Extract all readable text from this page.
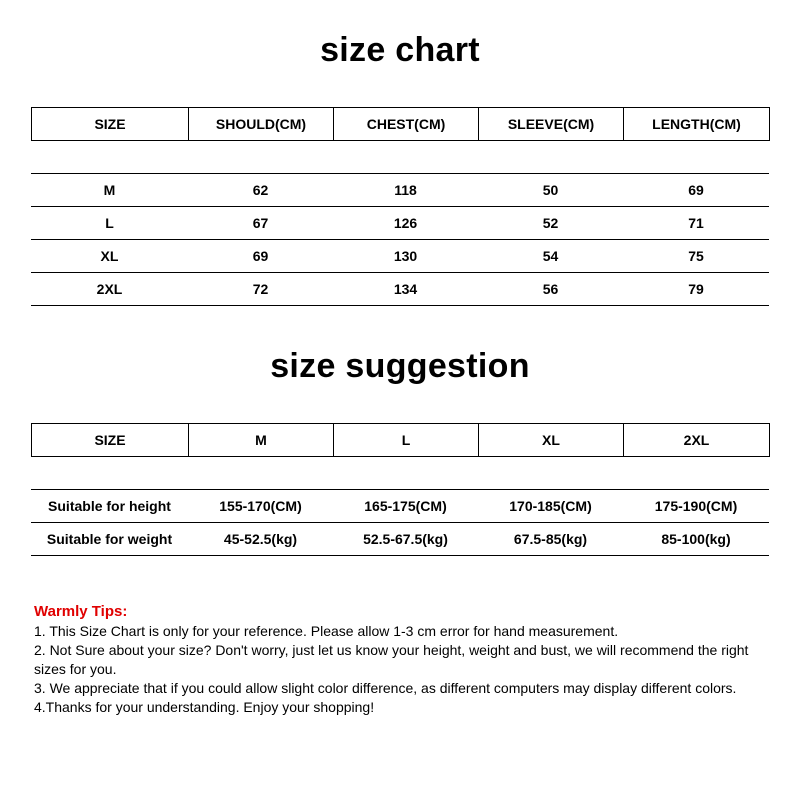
size chart
SIZE	SHOULD(CM)	CHEST(CM)	SLEEVE(CM)	LENGTH(CM)
M	62	118	50	69
L	67	126	52	71
XL	69	130	54	75
2XL	72	134	56	79
size suggestion
SIZE	M	L	XL	2XL
Suitable for height	155-170(CM)	165-175(CM)	170-185(CM)	175-190(CM)
Suitable for weight	45-52.5(kg)	52.5-67.5(kg)	67.5-85(kg)	85-100(kg)
Warmly Tips:

1. This Size Chart is only for your reference. Please allow 1-3 cm error for hand measurement.

2. Not Sure about your size? Don't worry, just let us know your height, weight and bust, we will recommend the right sizes for you.

3. We appreciate that if you could allow slight color difference, as different computers may display different colors.

4.Thanks for your understanding. Enjoy your shopping!
